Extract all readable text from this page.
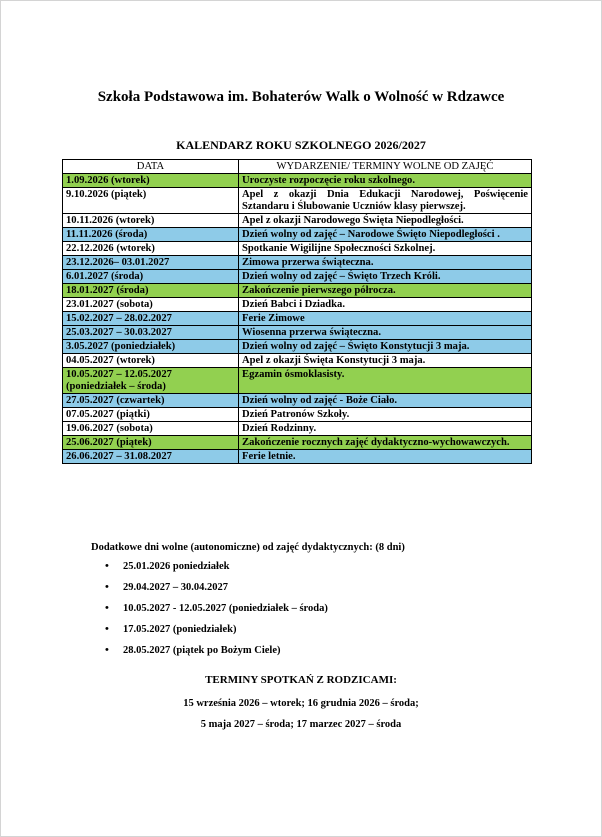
Szkoła Podstawowa im. Bohaterów Walk o Wolność w Rdzawce
KALENDARZ ROKU SZKOLNEGO 2026/2027
DATA	WYDARZENIE/ TERMINY WOLNE OD ZAJĘĆ
1.09.2026 (wtorek)	Uroczyste rozpoczęcie roku szkolnego.
9.10.2026 (piątek)	Apel z okazji Dnia Edukacji Narodowej, Poświęcenie Sztandaru i Ślubowanie Uczniów klasy pierwszej.
10.11.2026 (wtorek)	Apel z okazji Narodowego Święta Niepodległości.
11.11.2026 (środa)	Dzień wolny od zajęć – Narodowe Święto Niepodległości .
22.12.2026 (wtorek)	Spotkanie Wigilijne Społeczności Szkolnej.
23.12.2026– 03.01.2027	Zimowa przerwa świąteczna.
6.01.2027 (środa)	Dzień wolny od zajęć – Święto Trzech Króli.
18.01.2027 (środa)	Zakończenie pierwszego półrocza.
23.01.2027 (sobota)	Dzień Babci i Dziadka.
15.02.2027 – 28.02.2027	Ferie Zimowe
25.03.2027 – 30.03.2027	Wiosenna przerwa świąteczna.
3.05.2027 (poniedziałek)	Dzień wolny od zajęć – Święto Konstytucji 3 maja.
04.05.2027 (wtorek)	Apel z okazji Święta Konstytucji 3 maja.
10.05.2027 – 12.05.2027 (poniedziałek – środa)	Egzamin ósmoklasisty.
27.05.2027 (czwartek)	Dzień wolny od zajęć - Boże Ciało.
07.05.2027 (piątki)	Dzień Patronów Szkoły.
19.06.2027 (sobota)	Dzień Rodzinny.
25.06.2027 (piątek)	Zakończenie rocznych zajęć dydaktyczno-wychowawczych.
26.06.2027 – 31.08.2027	Ferie letnie.
Dodatkowe dni wolne (autonomiczne) od zajęć dydaktycznych: (8 dni)
• 25.01.2026 poniedziałek
• 29.04.2027 – 30.04.2027
• 10.05.2027 - 12.05.2027 (poniedziałek – środa)
• 17.05.2027 (poniedziałek)
• 28.05.2027 (piątek po Bożym Ciele)
TERMINY SPOTKAŃ Z RODZICAMI:
15 września 2026 – wtorek; 16 grudnia 2026 – środa;
5 maja 2027 – środa; 17 marzec 2027 – środa
